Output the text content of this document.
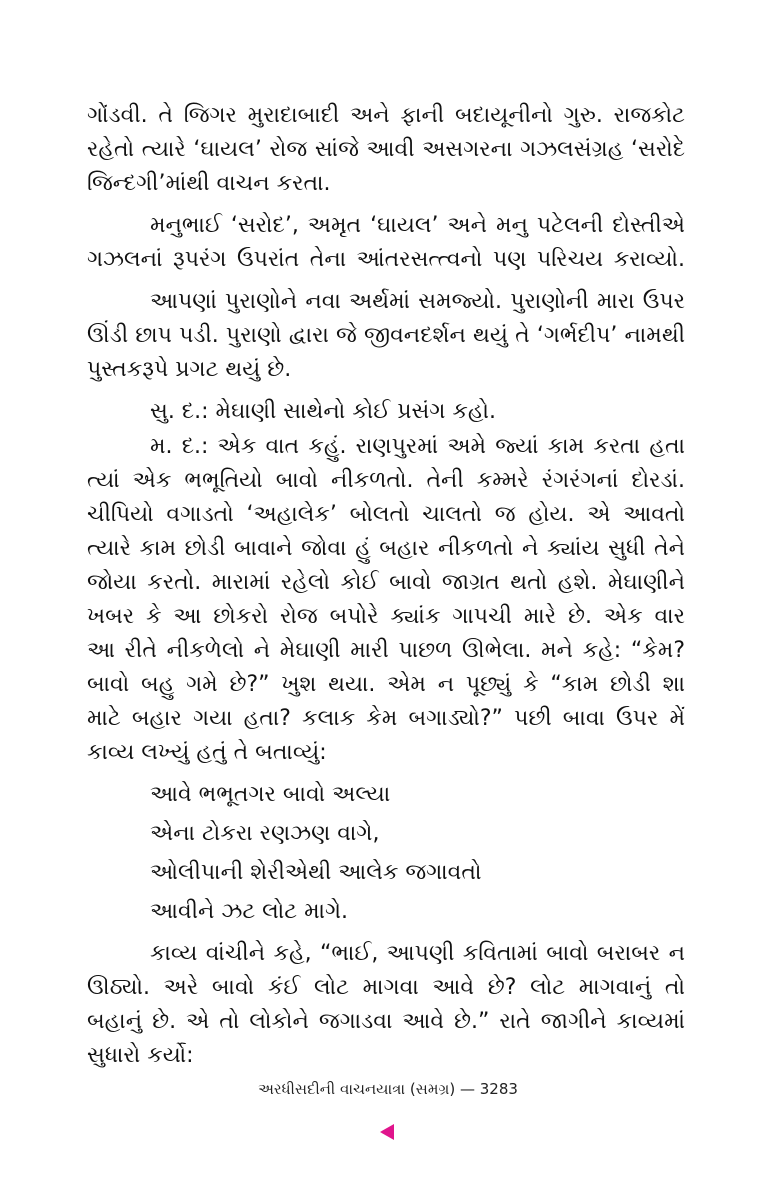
ગોંડવી. તે જિગર મુરાદાબાદી અને ફાની બદાયૂનીનો ગુરુ. રાજકોટ
રહેતો ત્યારે ‘ઘાયલ’ રોજ સાંજે આવી અસગરના ગઝલસંગ્રહ ‘સરોદે
જિન્દગી’માંથી વાચન કરતા.
મનુભાઈ ‘સરોદ’, અમૃત ‘ઘાયલ’ અને મનુ પટેલની દોસ્તીએ
ગઝલનાં રૂપરંગ ઉપરાંત તેના આંતરસત્ત્વનો પણ પરિચય કરાવ્યો.
આપણાં પુરાણોને નવા અર્થમાં સમજ્યો. પુરાણોની મારા ઉપર
ઊંડી છાપ પડી. પુરાણો દ્વારા જે જીવનદર્શન થયું તે ‘ગર્ભદીપ’ નામથી
પુસ્તકરૂપે પ્રગટ થયું છે.
સુ. દ.: મેઘાણી સાથેનો કોઈ પ્રસંગ કહો.
મ. દ.: એક વાત કહું. રાણપુરમાં અમે જ્યાં કામ કરતા હતા
ત્યાં એક ભભૂતિયો બાવો નીકળતો. તેની કમ્મરે રંગરંગનાં દોરડાં.
ચીપિયો વગાડતો ‘અહાલેક’ બોલતો ચાલતો જ હોય. એ આવતો
ત્યારે કામ છોડી બાવાને જોવા હું બહાર નીકળતો ને ક્યાંય સુધી તેને
જોયા કરતો. મારામાં રહેલો કોઈ બાવો જાગ્રત થતો હશે. મેઘાણીને
ખબર કે આ છોકરો રોજ બપોરે ક્યાંક ગાપચી મારે છે. એક વાર
આ રીતે નીકળેલો ને મેઘાણી મારી પાછળ ઊભેલા. મને કહે: “કેમ?
બાવો બહુ ગમે છે?” ખુશ થયા. એમ ન પૂછ્યું કે “કામ છોડી શા
માટે બહાર ગયા હતા? કલાક કેમ બગાડ્યો?” પછી બાવા ઉપર મેં
કાવ્ય લખ્યું હતું તે બતાવ્યું:
આવે ભભૂતગર બાવો અલ્યા
એના ટોકરા રણઝણ વાગે,
ઓલીપાની શેરીએથી આલેક જગાવતો
આવીને ઝટ લોટ માગે.
કાવ્ય વાંચીને કહે, “ભાઈ, આપણી કવિતામાં બાવો બરાબર ન
ઊઠ્યો. અરે બાવો કંઈ લોટ માગવા આવે છે? લોટ માગવાનું તો
બહાનું છે. એ તો લોકોને જગાડવા આવે છે.” રાતે જાગીને કાવ્યમાં
સુધારો કર્યો:
અરધીસદીની વાચનયાત્રા (સમગ્ર) — 3283
